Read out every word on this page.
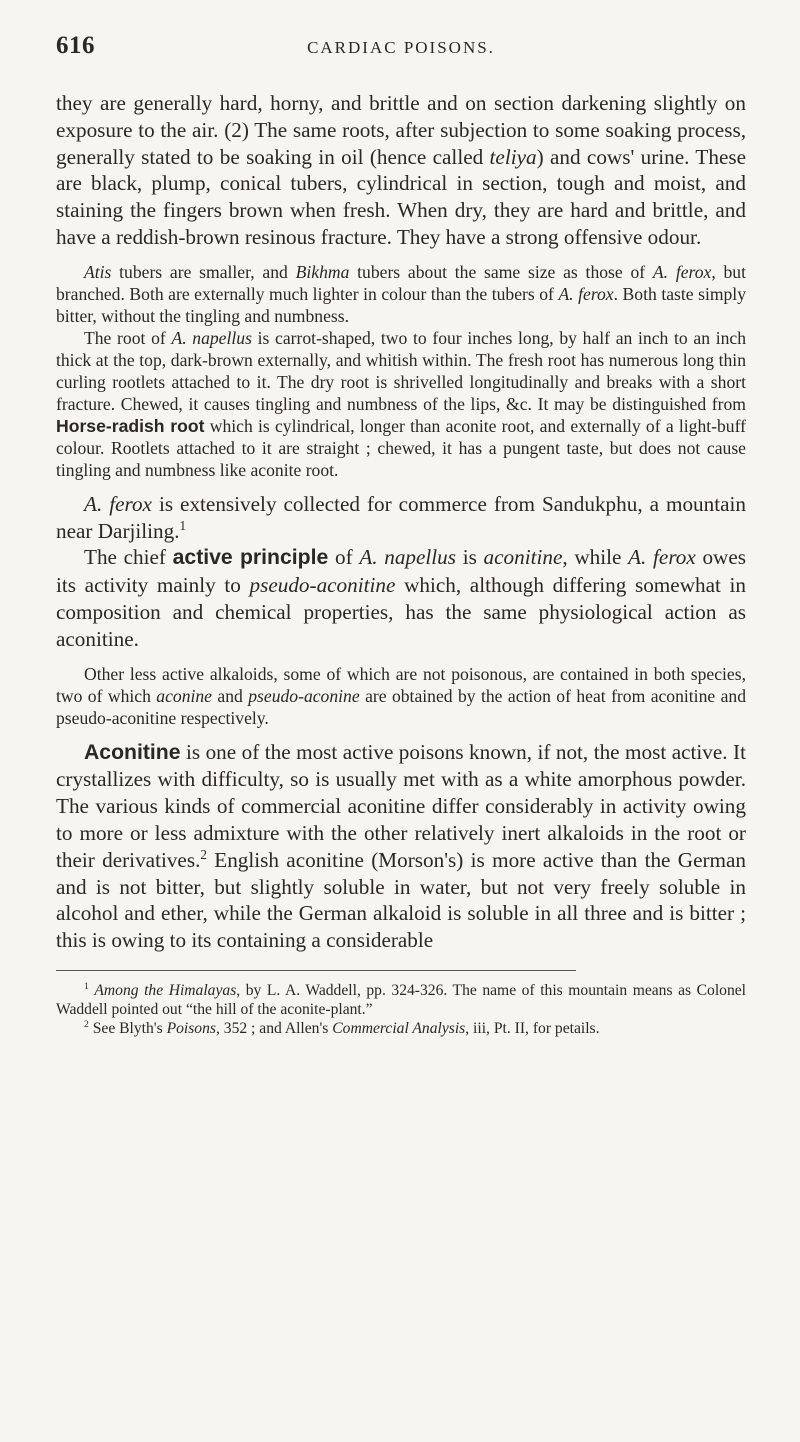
616	CARDIAC POISONS.

they are generally hard, horny, and brittle and on section darkening slightly on exposure to the air. (2) The same roots, after subjection to some soaking process, generally stated to be soaking in oil (hence called teliya) and cows' urine. These are black, plump, conical tubers, cylindrical in section, tough and moist, and staining the fingers brown when fresh. When dry, they are hard and brittle, and have a reddish-brown resinous fracture. They have a strong offensive odour.

Atis tubers are smaller, and Bikhma tubers about the same size as those of A. ferox, but branched. Both are externally much lighter in colour than the tubers of A. ferox. Both taste simply bitter, without the tingling and numbness.

The root of A. napellus is carrot-shaped, two to four inches long, by half an inch to an inch thick at the top, dark-brown externally, and whitish within. The fresh root has numerous long thin curling rootlets attached to it. The dry root is shrivelled longitudinally and breaks with a short fracture. Chewed, it causes tingling and numbness of the lips, &c. It may be distinguished from Horse-radish root which is cylindrical, longer than aconite root, and externally of a light-buff colour. Rootlets attached to it are straight ; chewed, it has a pungent taste, but does not cause tingling and numbness like aconite root.

A. ferox is extensively collected for commerce from Sandukphu, a mountain near Darjiling.$^1$

The chief active principle of A. napellus is aconitine, while A. ferox owes its activity mainly to pseudo-aconitine which, although differing somewhat in composition and chemical properties, has the same physiological action as aconitine.

Other less active alkaloids, some of which are not poisonous, are contained in both species, two of which aconine and pseudo-aconine are obtained by the action of heat from aconitine and pseudo-aconitine respectively.

Aconitine is one of the most active poisons known, if not, the most active. It crystallizes with difficulty, so is usually met with as a white amorphous powder. The various kinds of commercial aconitine differ considerably in activity owing to more or less admixture with the other relatively inert alkaloids in the root or their derivatives.$^2$ English aconitine (Morson's) is more active than the German and is not bitter, but slightly soluble in water, but not very freely soluble in alcohol and ether, while the German alkaloid is soluble in all three and is bitter ; this is owing to its containing a considerable

$^1$ Among the Himalayas, by L. A. Waddell, pp. 324-326. The name of this mountain means as Colonel Waddell pointed out “the hill of the aconite-plant.”

$^2$ See Blyth's Poisons, 352 ; and Allen's Commercial Analysis, iii, Pt. II, for petails.
